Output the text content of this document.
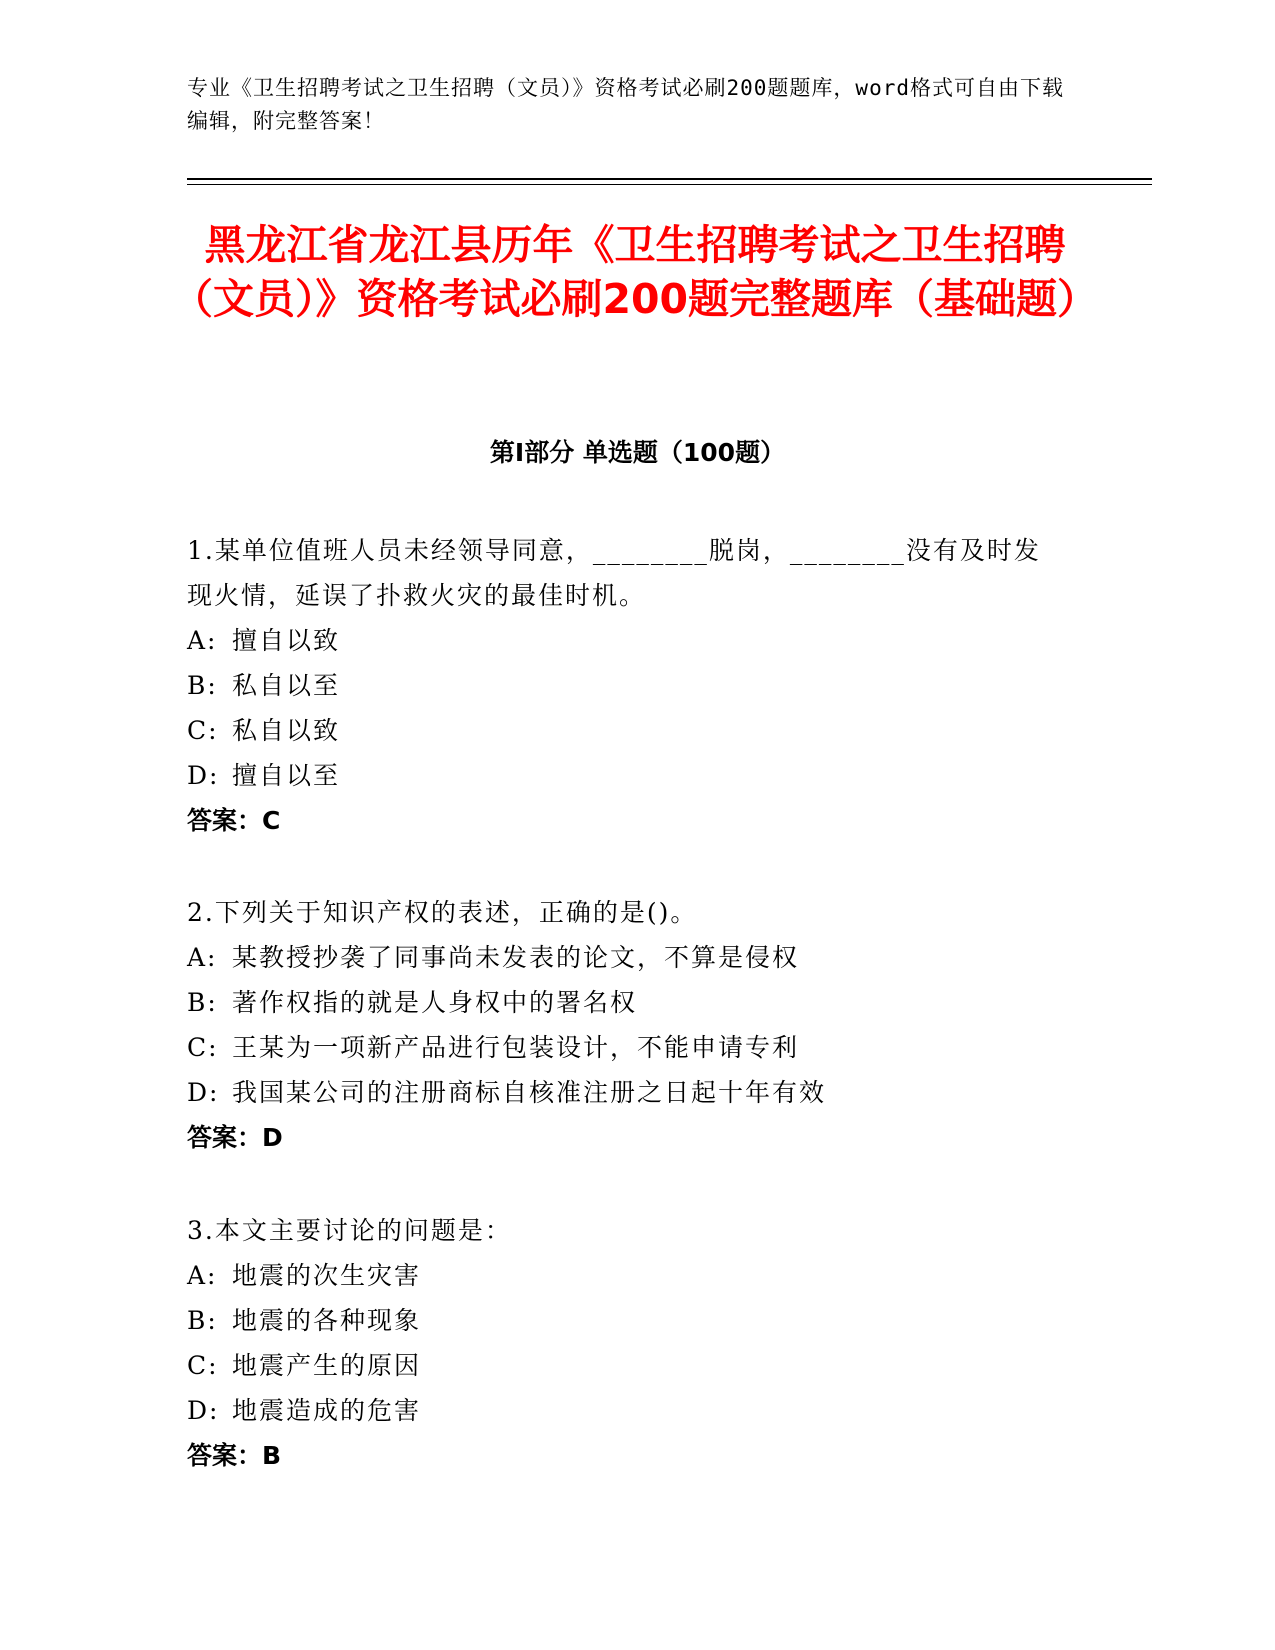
专业《卫生招聘考试之卫生招聘（文员）》资格考试必刷200题题库，word格式可自由下载编辑，附完整答案！
黑龙江省龙江县历年《卫生招聘考试之卫生招聘（文员）》资格考试必刷200题完整题库（基础题）
第Ⅰ部分 单选题（100题）
1.某单位值班人员未经领导同意，________脱岗，________没有及时发现火情，延误了扑救火灾的最佳时机。
A: 擅自以致
B: 私自以至
C: 私自以致
D: 擅自以至
答案：C
2.下列关于知识产权的表述，正确的是()。
A: 某教授抄袭了同事尚未发表的论文，不算是侵权
B: 著作权指的就是人身权中的署名权
C: 王某为一项新产品进行包装设计，不能申请专利
D: 我国某公司的注册商标自核准注册之日起十年有效
答案：D
3.本文主要讨论的问题是：
A: 地震的次生灾害
B: 地震的各种现象
C: 地震产生的原因
D: 地震造成的危害
答案：B
